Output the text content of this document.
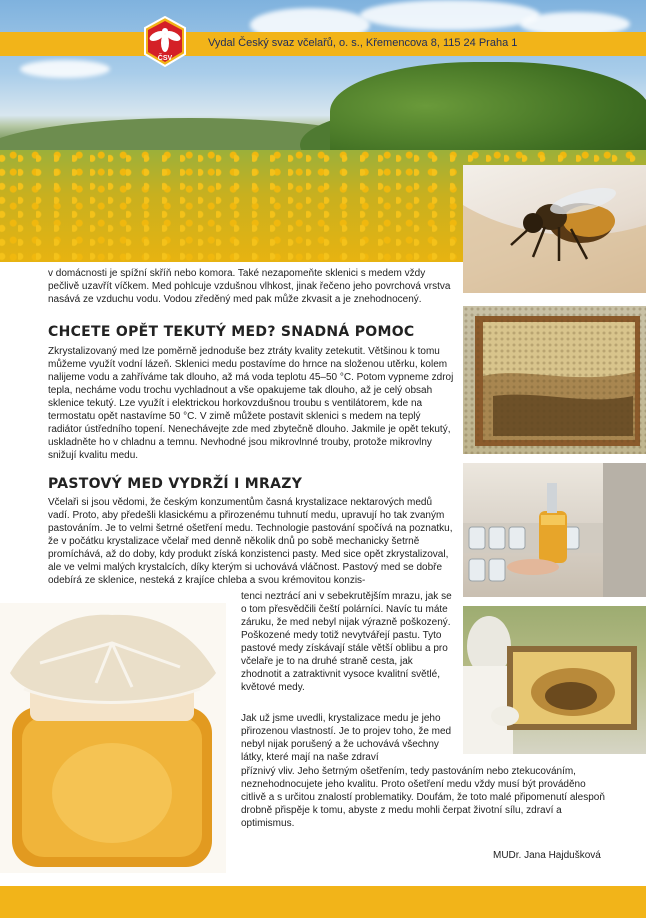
Vydal Český svaz včelařů, o. s., Křemencova 8, 115 24 Praha 1
ČSV

v domácnosti je spížní skříň nebo komora. Také nezapomeňte sklenici s medem vždy pečlivě uzavřít víčkem. Med pohlcuje vzdušnou vlhkost, jinak řečeno jeho povrchová vrstva nasává ze vzduchu vodu. Vodou zředěný med pak může zkvasit a je znehodnocený.

CHCETE OPĚT TEKUTÝ MED? SNADNÁ POMOC

Zkrystalizovaný med lze poměrně jednoduše bez ztráty kvality zetekutit. Většinou k tomu můžeme využít vodní lázeň. Sklenici medu postavíme do hrnce na složenou utěrku, kolem nalijeme vodu a zahříváme tak dlouho, až má voda teplotu 45–50 °C. Potom vypneme zdroj tepla, necháme vodu trochu vychladnout a vše opakujeme tak dlouho, až je celý obsah sklenice tekutý. Lze využít i elektrickou horkovzdušnou troubu s ventilátorem, kde na termostatu opět nastavíme 50 °C. V zimě můžete postavit sklenici s medem na teplý radiátor ústředního topení. Nenechávejte zde med zbytečně dlouho. Jakmile je opět tekutý, uskladněte ho v chladnu a temnu. Nevhodné jsou mikrovlnné trouby, protože mikrovlny snižují kvalitu medu.

PASTOVÝ MED VYDRŽÍ I MRAZY

Včelaři si jsou vědomi, že českým konzumentům časná krystalizace nektarových medů vadí. Proto, aby předešli klasickému a přirozenému tuhnutí medu, upravují ho tak zvaným pastováním. Je to velmi šetrné ošetření medu. Technologie pastování spočívá na poznatku, že v počátku krystalizace včelař med denně několik dnů po sobě mechanicky šetrně promíchává, až do doby, kdy produkt získá konzistenci pasty. Med sice opět zkrystalizoval, ale ve velmi malých krystalcích, díky kterým si uchovává vláčnost. Pastový med se dobře odebírá ze sklenice, nesteká z krajíce chleba a svou krémovitou konzis-

tenci neztrácí ani v sebekrutějším mrazu, jak se o tom přesvědčili čeští polárníci. Navíc tu máte záruku, že med nebyl nijak výrazně poškozený. Poškozené medy totiž nevytvářejí pastu. Tyto pastové medy získávají stále větší oblibu a pro včelaře je to na druhé straně cesta, jak zhodnotit a zatraktivnit vysoce kvalitní světlé, květové medy.

Jak už jsme uvedli, krystalizace medu je jeho přirozenou vlastností. Je to projev toho, že med nebyl nijak porušený a že uchovává všechny látky, které mají na naše zdraví

příznivý vliv. Jeho šetrným ošetřením, tedy pastováním nebo ztekucováním, neznehodnocujete jeho kvalitu. Proto ošetření medu vždy musí být prováděno citlivě a s určitou znalostí problematiky. Doufám, že toto malé připomenutí alespoň drobně přispěje k tomu, abyste z medu mohli čerpat životní sílu, zdraví a optimismus.

MUDr. Jana Hajdušková
